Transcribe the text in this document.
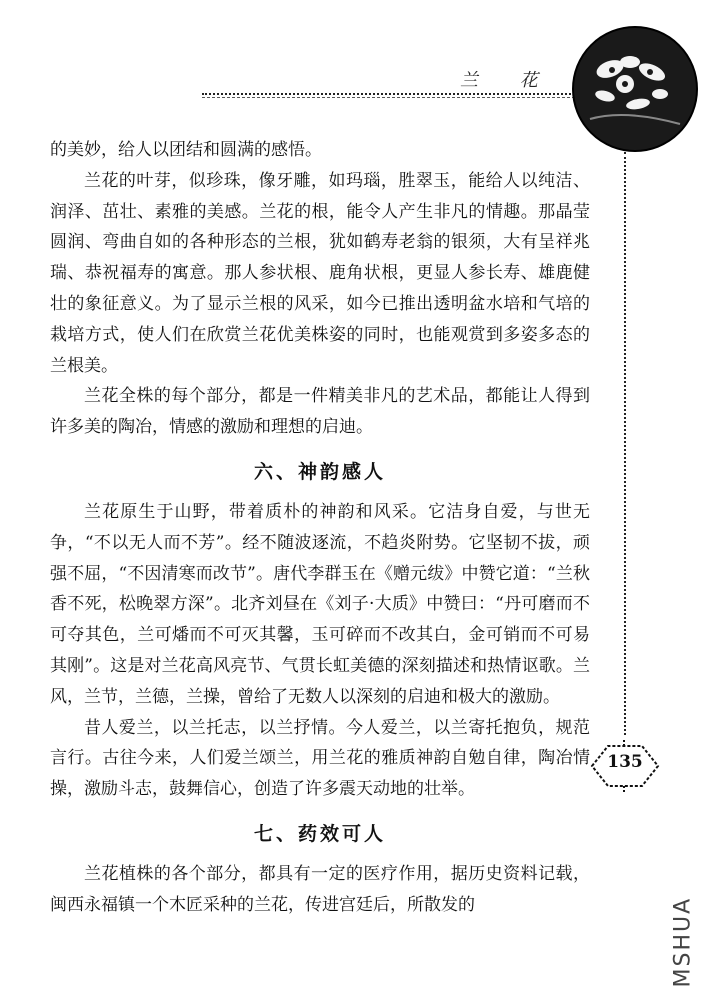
兰 花
135

的美妙，给人以团结和圆满的感悟。

兰花的叶芽，似珍珠，像牙雕，如玛瑙，胜翠玉，能给人以纯洁、润泽、茁壮、素雅的美感。兰花的根，能令人产生非凡的情趣。那晶莹圆润、弯曲自如的各种形态的兰根，犹如鹤寿老翁的银须，大有呈祥兆瑞、恭祝福寿的寓意。那人参状根、鹿角状根，更显人参长寿、雄鹿健壮的象征意义。为了显示兰根的风采，如今已推出透明盆水培和气培的栽培方式，使人们在欣赏兰花优美株姿的同时，也能观赏到多姿多态的兰根美。

兰花全株的每个部分，都是一件精美非凡的艺术品，都能让人得到许多美的陶冶，情感的激励和理想的启迪。

六、神韵感人

兰花原生于山野，带着质朴的神韵和风采。它洁身自爱，与世无争，“不以无人而不芳”。经不随波逐流，不趋炎附势。它坚韧不拔，顽强不屈，“不因清寒而改节”。唐代李群玉在《赠元绂》中赞它道：“兰秋香不死，松晚翠方深”。北齐刘昼在《刘子·大质》中赞曰：“丹可磨而不可夺其色，兰可燔而不可灭其馨，玉可碎而不改其白，金可销而不可易其刚”。这是对兰花高风亮节、气贯长虹美德的深刻描述和热情讴歌。兰风，兰节，兰德，兰操，曾给了无数人以深刻的启迪和极大的激励。

昔人爱兰，以兰托志，以兰抒情。今人爱兰，以兰寄托抱负，规范言行。古往今来，人们爱兰颂兰，用兰花的雅质神韵自勉自律，陶冶情操，激励斗志，鼓舞信心，创造了许多震天动地的壮举。

七、药效可人

兰花植株的各个部分，都具有一定的医疗作用，据历史资料记载，闽西永福镇一个木匠采种的兰花，传进宫廷后，所散发的	MSHUA
